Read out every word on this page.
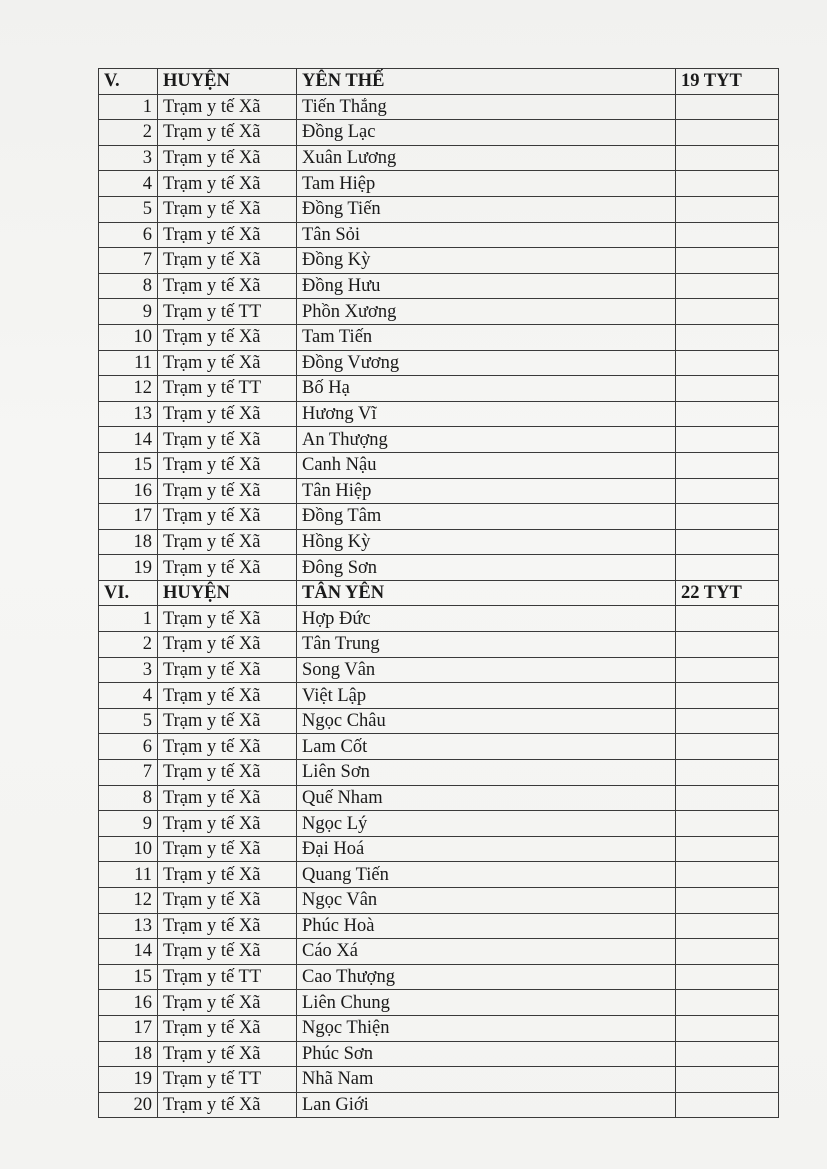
V.	HUYỆN	YÊN THẾ	19 TYT
1	Trạm y tế Xã	Tiến Thắng	
2	Trạm y tế Xã	Đồng Lạc	
3	Trạm y tế Xã	Xuân Lương	
4	Trạm y tế Xã	Tam Hiệp	
5	Trạm y tế Xã	Đồng Tiến	
6	Trạm y tế Xã	Tân Sỏi	
7	Trạm y tế Xã	Đồng Kỳ	
8	Trạm y tế Xã	Đồng Hưu	
9	Trạm y tế TT	Phồn Xương	
10	Trạm y tế Xã	Tam Tiến	
11	Trạm y tế Xã	Đồng Vương	
12	Trạm y tế TT	Bố Hạ	
13	Trạm y tế Xã	Hương Vĩ	
14	Trạm y tế Xã	An Thượng	
15	Trạm y tế Xã	Canh Nậu	
16	Trạm y tế Xã	Tân Hiệp	
17	Trạm y tế Xã	Đồng Tâm	
18	Trạm y tế Xã	Hồng Kỳ	
19	Trạm y tế Xã	Đông Sơn	
VI.	HUYỆN	TÂN YÊN	22 TYT
1	Trạm y tế Xã	Hợp Đức	
2	Trạm y tế Xã	Tân Trung	
3	Trạm y tế Xã	Song Vân	
4	Trạm y tế Xã	Việt Lập	
5	Trạm y tế Xã	Ngọc Châu	
6	Trạm y tế Xã	Lam Cốt	
7	Trạm y tế Xã	Liên Sơn	
8	Trạm y tế Xã	Quế Nham	
9	Trạm y tế Xã	Ngọc Lý	
10	Trạm y tế Xã	Đại Hoá	
11	Trạm y tế Xã	Quang Tiến	
12	Trạm y tế Xã	Ngọc Vân	
13	Trạm y tế Xã	Phúc Hoà	
14	Trạm y tế Xã	Cáo Xá	
15	Trạm y tế TT	Cao Thượng	
16	Trạm y tế Xã	Liên Chung	
17	Trạm y tế Xã	Ngọc Thiện	
18	Trạm y tế Xã	Phúc Sơn	
19	Trạm y tế TT	Nhã Nam	
20	Trạm y tế Xã	Lan Giới	
